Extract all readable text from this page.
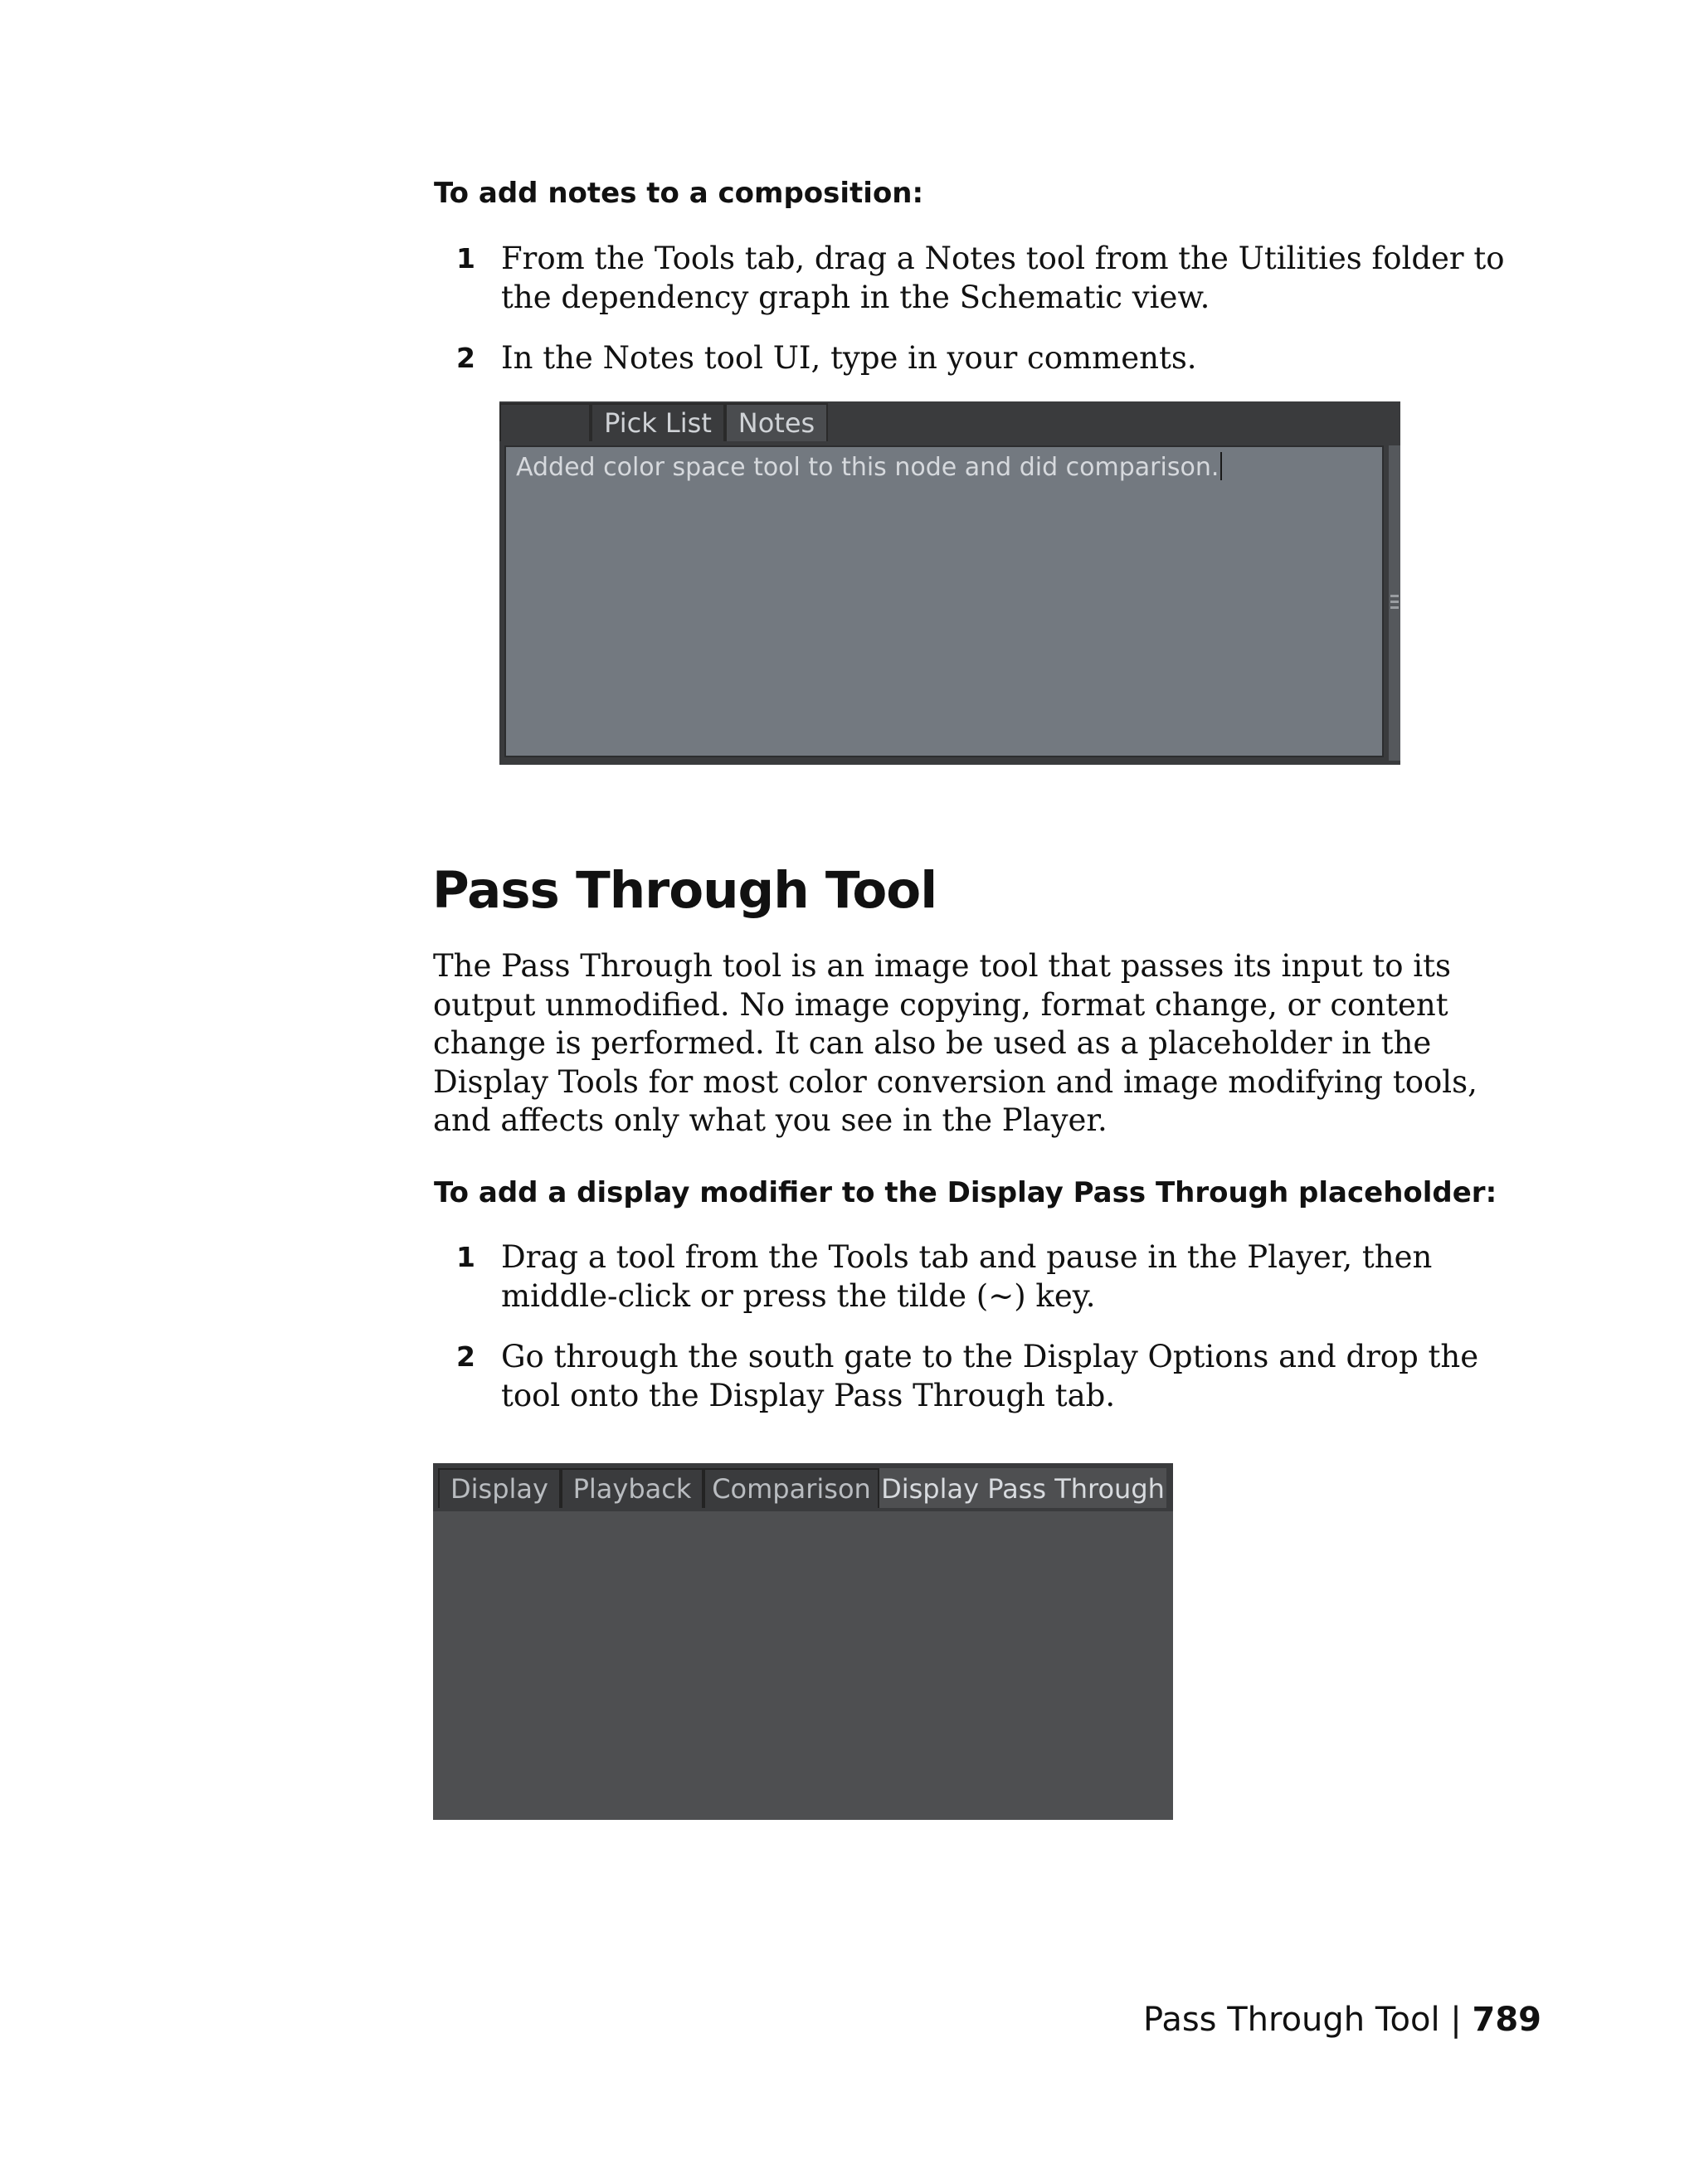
To add notes to a composition:
1 From the Tools tab, drag a Notes tool from the Utilities folder to the dependency graph in the Schematic view.
2 In the Notes tool UI, type in your comments.
Pick List Notes
Added color space tool to this node and did comparison.
Pass Through Tool
The Pass Through tool is an image tool that passes its input to its output unmodified. No image copying, format change, or content change is performed. It can also be used as a placeholder in the Display Tools for most color conversion and image modifying tools, and affects only what you see in the Player.
To add a display modifier to the Display Pass Through placeholder:
1 Drag a tool from the Tools tab and pause in the Player, then middle-click or press the tilde (~) key.
2 Go through the south gate to the Display Options and drop the tool onto the Display Pass Through tab.
Display Playback Comparison Display Pass Through
Pass Through Tool | 789
